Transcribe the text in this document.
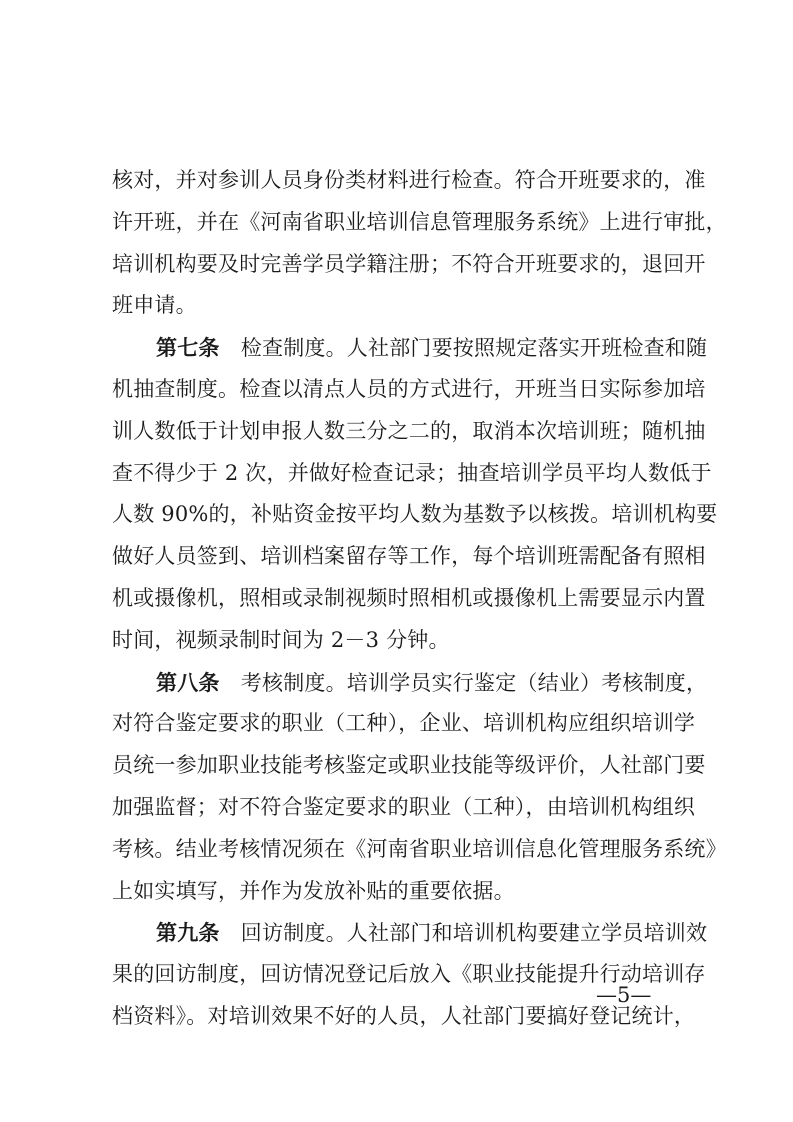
核对，并对参训人员身份类材料进行检查。符合开班要求的，准
许开班，并在《河南省职业培训信息管理服务系统》上进行审批，
培训机构要及时完善学员学籍注册；不符合开班要求的，退回开
班申请。
第七条　检查制度。人社部门要按照规定落实开班检查和随
机抽查制度。检查以清点人员的方式进行，开班当日实际参加培
训人数低于计划申报人数三分之二的，取消本次培训班；随机抽
查不得少于 2 次，并做好检查记录；抽查培训学员平均人数低于
人数 90%的，补贴资金按平均人数为基数予以核拨。培训机构要
做好人员签到、培训档案留存等工作，每个培训班需配备有照相
机或摄像机，照相或录制视频时照相机或摄像机上需要显示内置
时间，视频录制时间为 2－3 分钟。
第八条　考核制度。培训学员实行鉴定（结业）考核制度，
对符合鉴定要求的职业（工种），企业、培训机构应组织培训学
员统一参加职业技能考核鉴定或职业技能等级评价，人社部门要
加强监督；对不符合鉴定要求的职业（工种），由培训机构组织
考核。结业考核情况须在《河南省职业培训信息化管理服务系统》
上如实填写，并作为发放补贴的重要依据。
第九条　回访制度。人社部门和培训机构要建立学员培训效
果的回访制度，回访情况登记后放入《职业技能提升行动培训存
档资料》。对培训效果不好的人员，人社部门要搞好登记统计，
—5—
